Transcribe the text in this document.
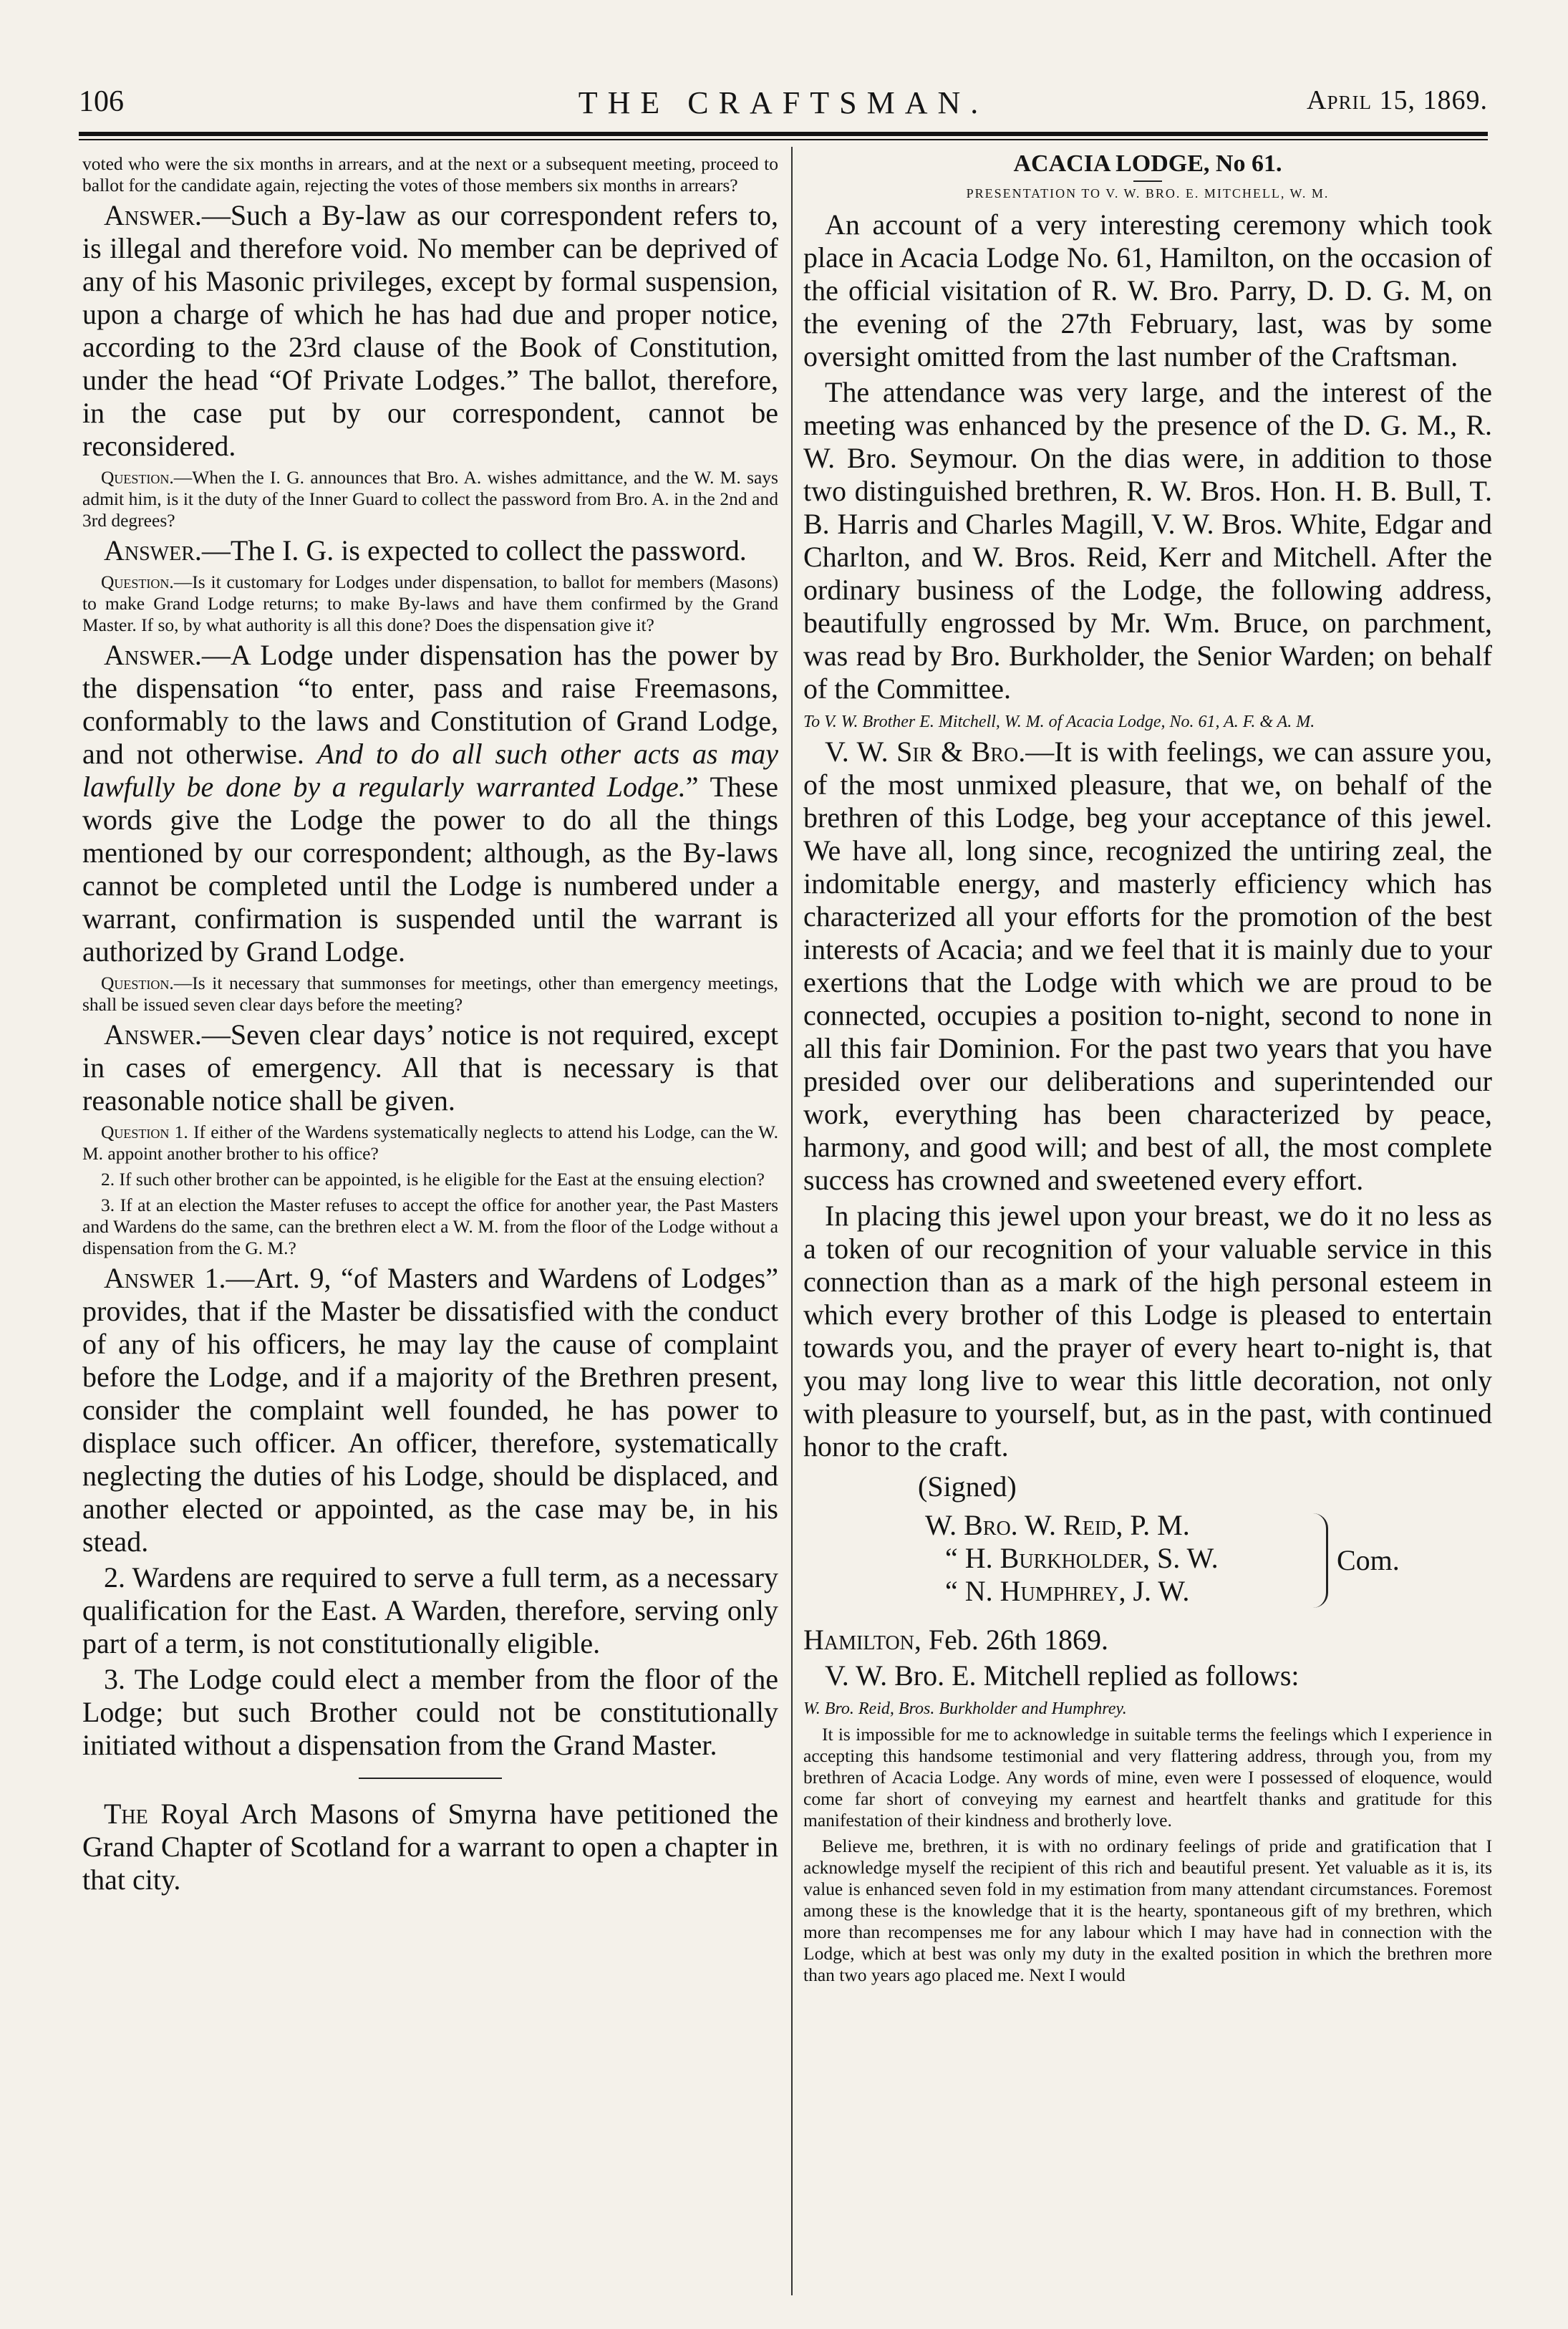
106	THE CRAFTSMAN.	April 15, 1869.

voted who were the six months in arrears, and at the next or a subsequent meeting, proceed to ballot for the candidate again, rejecting the votes of those members six months in arrears?

Answer.—Such a By-law as our correspondent refers to, is illegal and therefore void. No member can be deprived of any of his Masonic privileges, except by formal suspension, upon a charge of which he has had due and proper notice, according to the 23rd clause of the Book of Constitution, under the head “Of Private Lodges.” The ballot, therefore, in the case put by our correspondent, cannot be reconsidered.

Question.—When the I. G. announces that Bro. A. wishes admittance, and the W. M. says admit him, is it the duty of the Inner Guard to collect the password from Bro. A. in the 2nd and 3rd degrees?

Answer.—The I. G. is expected to collect the password.

Question.—Is it customary for Lodges under dispensation, to ballot for members (Masons) to make Grand Lodge returns; to make By-laws and have them confirmed by the Grand Master. If so, by what authority is all this done? Does the dispensation give it?

Answer.—A Lodge under dispensation has the power by the dispensation “to enter, pass and raise Freemasons, conformably to the laws and Constitution of Grand Lodge, and not otherwise. And to do all such other acts as may lawfully be done by a regularly warranted Lodge.” These words give the Lodge the power to do all the things mentioned by our correspondent; although, as the By-laws cannot be completed until the Lodge is numbered under a warrant, confirmation is suspended until the warrant is authorized by Grand Lodge.

Question.—Is it necessary that summonses for meetings, other than emergency meetings, shall be issued seven clear days before the meeting?

Answer.—Seven clear days’ notice is not required, except in cases of emergency. All that is necessary is that reasonable notice shall be given.

Question 1. If either of the Wardens systematically neglects to attend his Lodge, can the W. M. appoint another brother to his office?

2. If such other brother can be appointed, is he eligible for the East at the ensuing election?

3. If at an election the Master refuses to accept the office for another year, the Past Masters and Wardens do the same, can the brethren elect a W. M. from the floor of the Lodge without a dispensation from the G. M.?

Answer 1.—Art. 9, “of Masters and Wardens of Lodges” provides, that if the Master be dissatisfied with the conduct of any of his officers, he may lay the cause of complaint before the Lodge, and if a majority of the Brethren present, consider the complaint well founded, he has power to displace such officer. An officer, therefore, systematically neglecting the duties of his Lodge, should be displaced, and another elected or appointed, as the case may be, in his stead.

2. Wardens are required to serve a full term, as a necessary qualification for the East. A Warden, therefore, serving only part of a term, is not constitutionally eligible.

3. The Lodge could elect a member from the floor of the Lodge; but such Brother could not be constitutionally initiated without a dispensation from the Grand Master.

The Royal Arch Masons of Smyrna have petitioned the Grand Chapter of Scotland for a warrant to open a chapter in that city.

ACACIA LODGE, No 61.
PRESENTATION TO V. W. BRO. E. MITCHELL, W. M.

An account of a very interesting ceremony which took place in Acacia Lodge No. 61, Hamilton, on the occasion of the official visitation of R. W. Bro. Parry, D. D. G. M, on the evening of the 27th February, last, was by some oversight omitted from the last number of the Craftsman.

The attendance was very large, and the interest of the meeting was enhanced by the presence of the D. G. M., R. W. Bro. Seymour. On the dias were, in addition to those two distinguished brethren, R. W. Bros. Hon. H. B. Bull, T. B. Harris and Charles Magill, V. W. Bros. White, Edgar and Charlton, and W. Bros. Reid, Kerr and Mitchell. After the ordinary business of the Lodge, the following address, beautifully engrossed by Mr. Wm. Bruce, on parchment, was read by Bro. Burkholder, the Senior Warden; on behalf of the Committee.

To V. W. Brother E. Mitchell, W. M. of Acacia Lodge, No. 61, A. F. & A. M.

V. W. Sir & Bro.—It is with feelings, we can assure you, of the most unmixed pleasure, that we, on behalf of the brethren of this Lodge, beg your acceptance of this jewel. We have all, long since, recognized the untiring zeal, the indomitable energy, and masterly efficiency which has characterized all your efforts for the promotion of the best interests of Acacia; and we feel that it is mainly due to your exertions that the Lodge with which we are proud to be connected, occupies a position to-night, second to none in all this fair Dominion. For the past two years that you have presided over our deliberations and superintended our work, everything has been characterized by peace, harmony, and good will; and best of all, the most complete success has crowned and sweetened every effort.

In placing this jewel upon your breast, we do it no less as a token of our recognition of your valuable service in this connection than as a mark of the high personal esteem in which every brother of this Lodge is pleased to entertain towards you, and the prayer of every heart to-night is, that you may long live to wear this little decoration, not only with pleasure to yourself, but, as in the past, with continued honor to the craft.

(Signed)
W. Bro. W. Reid, P. M.
“ H. Burkholder, S. W.
“ N. Humphrey, J. W.
Com.

Hamilton, Feb. 26th 1869.

V. W. Bro. E. Mitchell replied as follows:

W. Bro. Reid, Bros. Burkholder and Humphrey.

It is impossible for me to acknowledge in suitable terms the feelings which I experience in accepting this handsome testimonial and very flattering address, through you, from my brethren of Acacia Lodge. Any words of mine, even were I possessed of eloquence, would come far short of conveying my earnest and heartfelt thanks and gratitude for this manifestation of their kindness and brotherly love.

Believe me, brethren, it is with no ordinary feelings of pride and gratification that I acknowledge myself the recipient of this rich and beautiful present. Yet valuable as it is, its value is enhanced seven fold in my estimation from many attendant circumstances. Foremost among these is the knowledge that it is the hearty, spontaneous gift of my brethren, which more than recompenses me for any labour which I may have had in connection with the Lodge, which at best was only my duty in the exalted position in which the brethren more than two years ago placed me. Next I would
